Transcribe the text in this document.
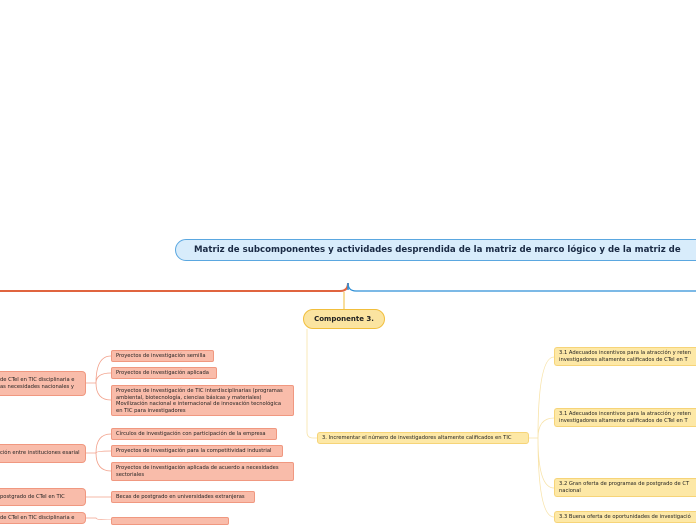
Matriz de subcomponentes y actividades desprendida de la matriz de marco lógico y de la matriz de
Componente 3.
3. Incrementar el número de investigadores altamente calificados en TIC
3.1 Adecuados incentivos para la atracción y reten investigadores altamente calificados de CTeI en T
3.1 Adecuados incentivos para la atracción y reten investigadores altamente calificados de CTeI en T
3.2 Gran oferta de programas de postgrado de CT nacional
3.3 Buena oferta de oportunidades de investigació
de CTeI en TIC disciplinaria e as necesidades nacionales y
ción entre instituciones esarial
postgrado de CTeI en TIC
de CTeI en TIC disciplinaria e
Proyectos de investigación semilla
Proyectos de investigación aplicada
Proyectos de investigación de TIC interdisciplinarias (programas ambiental, biotecnología, ciencias básicas y materiales) Movilización nacional e internacional de innovación tecnológica en TIC para investigadores
Círculos de investigación con participación de la empresa
Proyectos de investigación para la competitividad industrial
Proyectos de investigación aplicada de acuerdo a necesidades sectoriales
Becas de postgrado en universidades extranjeras
